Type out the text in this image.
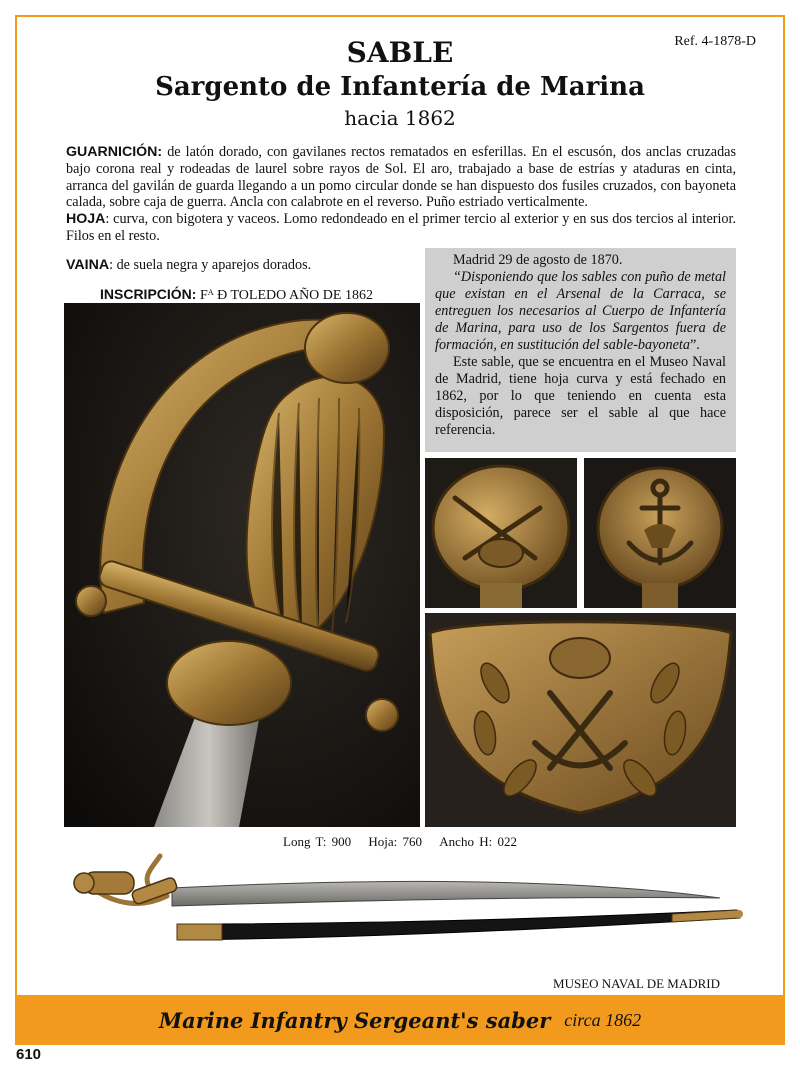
Ref. 4-1878-D
SABLE
Sargento de Infantería de Marina
hacia 1862

GUARNICIÓN: de latón dorado, con gavilanes rectos rematados en esferillas. En el escusón, dos anclas cruzadas bajo corona real y rodeadas de laurel sobre rayos de Sol. El aro, trabajado a base de estrías y ataduras en cinta, arranca del gavilán de guarda llegando a un pomo circular donde se han dispuesto dos fusiles cruzados, con bayoneta calada, sobre caja de guerra. Ancla con calabrote en el reverso. Puño estriado verticalmente.

HOJA: curva, con bigotera y vaceos. Lomo redondeado en el primer tercio al exterior y en sus dos tercios al interior. Filos en el resto.

VAINA: de suela negra y aparejos dorados.
INSCRIPCIÓN: Fᴬ Ð TOLEDO AÑO DE 1862

Madrid 29 de agosto de 1870.

“Disponiendo que los sables con puño de metal que existan en el Arsenal de la Carraca, se entreguen los necesarios al Cuerpo de Infantería de Marina, para uso de los Sargentos fuera de formación, en sustitución del sable-bayoneta”.

Este sable, que se encuentra en el Museo Naval de Madrid, tiene hoja curva y está fechado en 1862, por lo que teniendo en cuenta esta disposición, parece ser el sable al que hace referencia.

Long T: 900 Hoja: 760 Ancho H: 022
MUSEO NAVAL DE MADRID
Marine Infantry Sergeant's saber circa 1862
610
